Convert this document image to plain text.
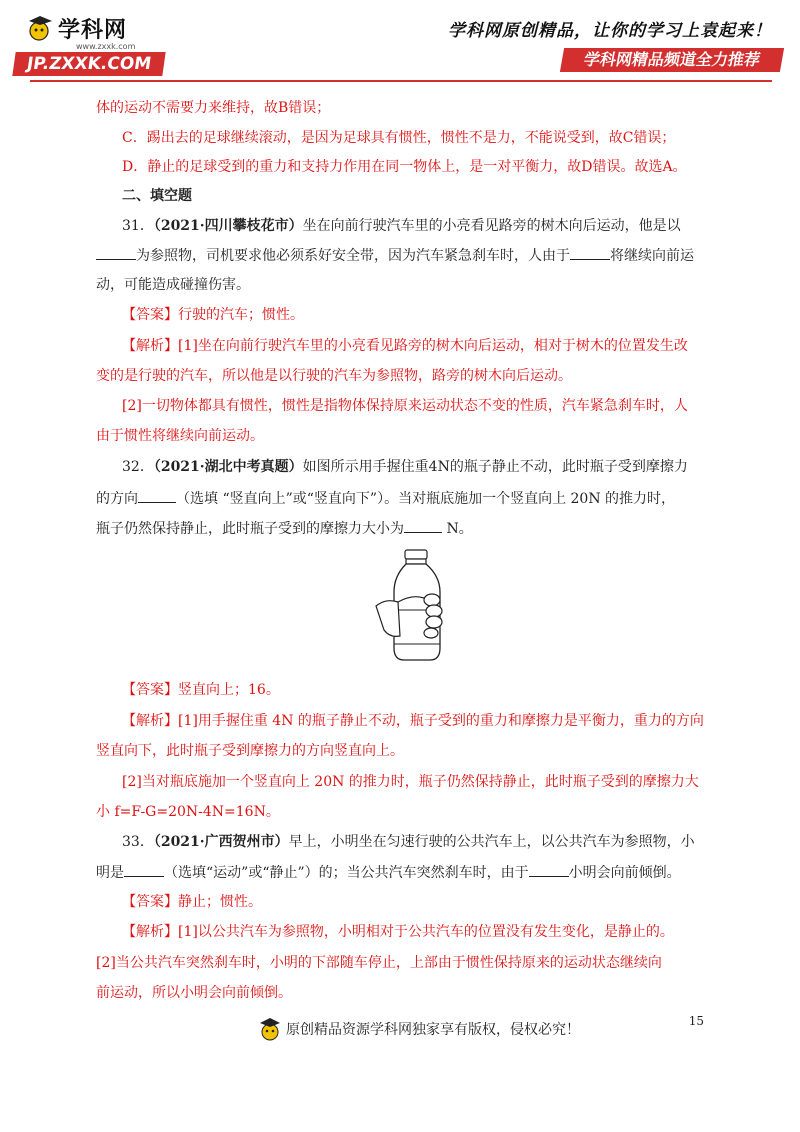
学科网
www.zxxk.com
JP.ZXXK.COM
学科网原创精品，让你的学习上袁起来！
学科网精品频道全力推荐
体的运动不需要力来维持，故B错误；
C．踢出去的足球继续滚动，是因为足球具有惯性，惯性不是力，不能说受到，故C错误；
D．静止的足球受到的重力和支持力作用在同一物体上，是一对平衡力，故D错误。故选A。
二、填空题
31．（2021·四川攀枝花市）坐在向前行驶汽车里的小亮看见路旁的树木向后运动，他是以
为参照物，司机要求他必须系好安全带，因为汽车紧急刹车时，人由于	将继续向前运
动，可能造成碰撞伤害。
【答案】行驶的汽车；惯性。
【解析】[1]坐在向前行驶汽车里的小亮看见路旁的树木向后运动，相对于树木的位置发生改
变的是行驶的汽车，所以他是以行驶的汽车为参照物，路旁的树木向后运动。
[2]一切物体都具有惯性，惯性是指物体保持原来运动状态不变的性质，汽车紧急刹车时，人
由于惯性将继续向前运动。
32．（2021·湖北中考真题）如图所示用手握住重4N的瓶子静止不动，此时瓶子受到摩擦力
的方向	（选填 “竖直向上”或“竖直向下”）。当对瓶底施加一个竖直向上 20N 的推力时，
瓶子仍然保持静止，此时瓶子受到的摩擦力大小为	N。
【答案】竖直向上；16。
【解析】[1]用手握住重 4N 的瓶子静止不动，瓶子受到的重力和摩擦力是平衡力，重力的方向
竖直向下，此时瓶子受到摩擦力的方向竖直向上。
[2]当对瓶底施加一个竖直向上 20N 的推力时，瓶子仍然保持静止，此时瓶子受到的摩擦力大
小 f=F-G=20N-4N=16N。
33．（2021·广西贺州市）早上，小明坐在匀速行驶的公共汽车上，以公共汽车为参照物，小
明是	（选填“运动”或“静止”）的；当公共汽车突然刹车时，由于	小明会向前倾倒。
【答案】静止；惯性。
【解析】[1]以公共汽车为参照物，小明相对于公共汽车的位置没有发生变化，是静止的。
[2]当公共汽车突然刹车时，小明的下部随车停止，上部由于惯性保持原来的运动状态继续向
前运动，所以小明会向前倾倒。
15
原创精品资源学科网独家享有版权，侵权必究！
